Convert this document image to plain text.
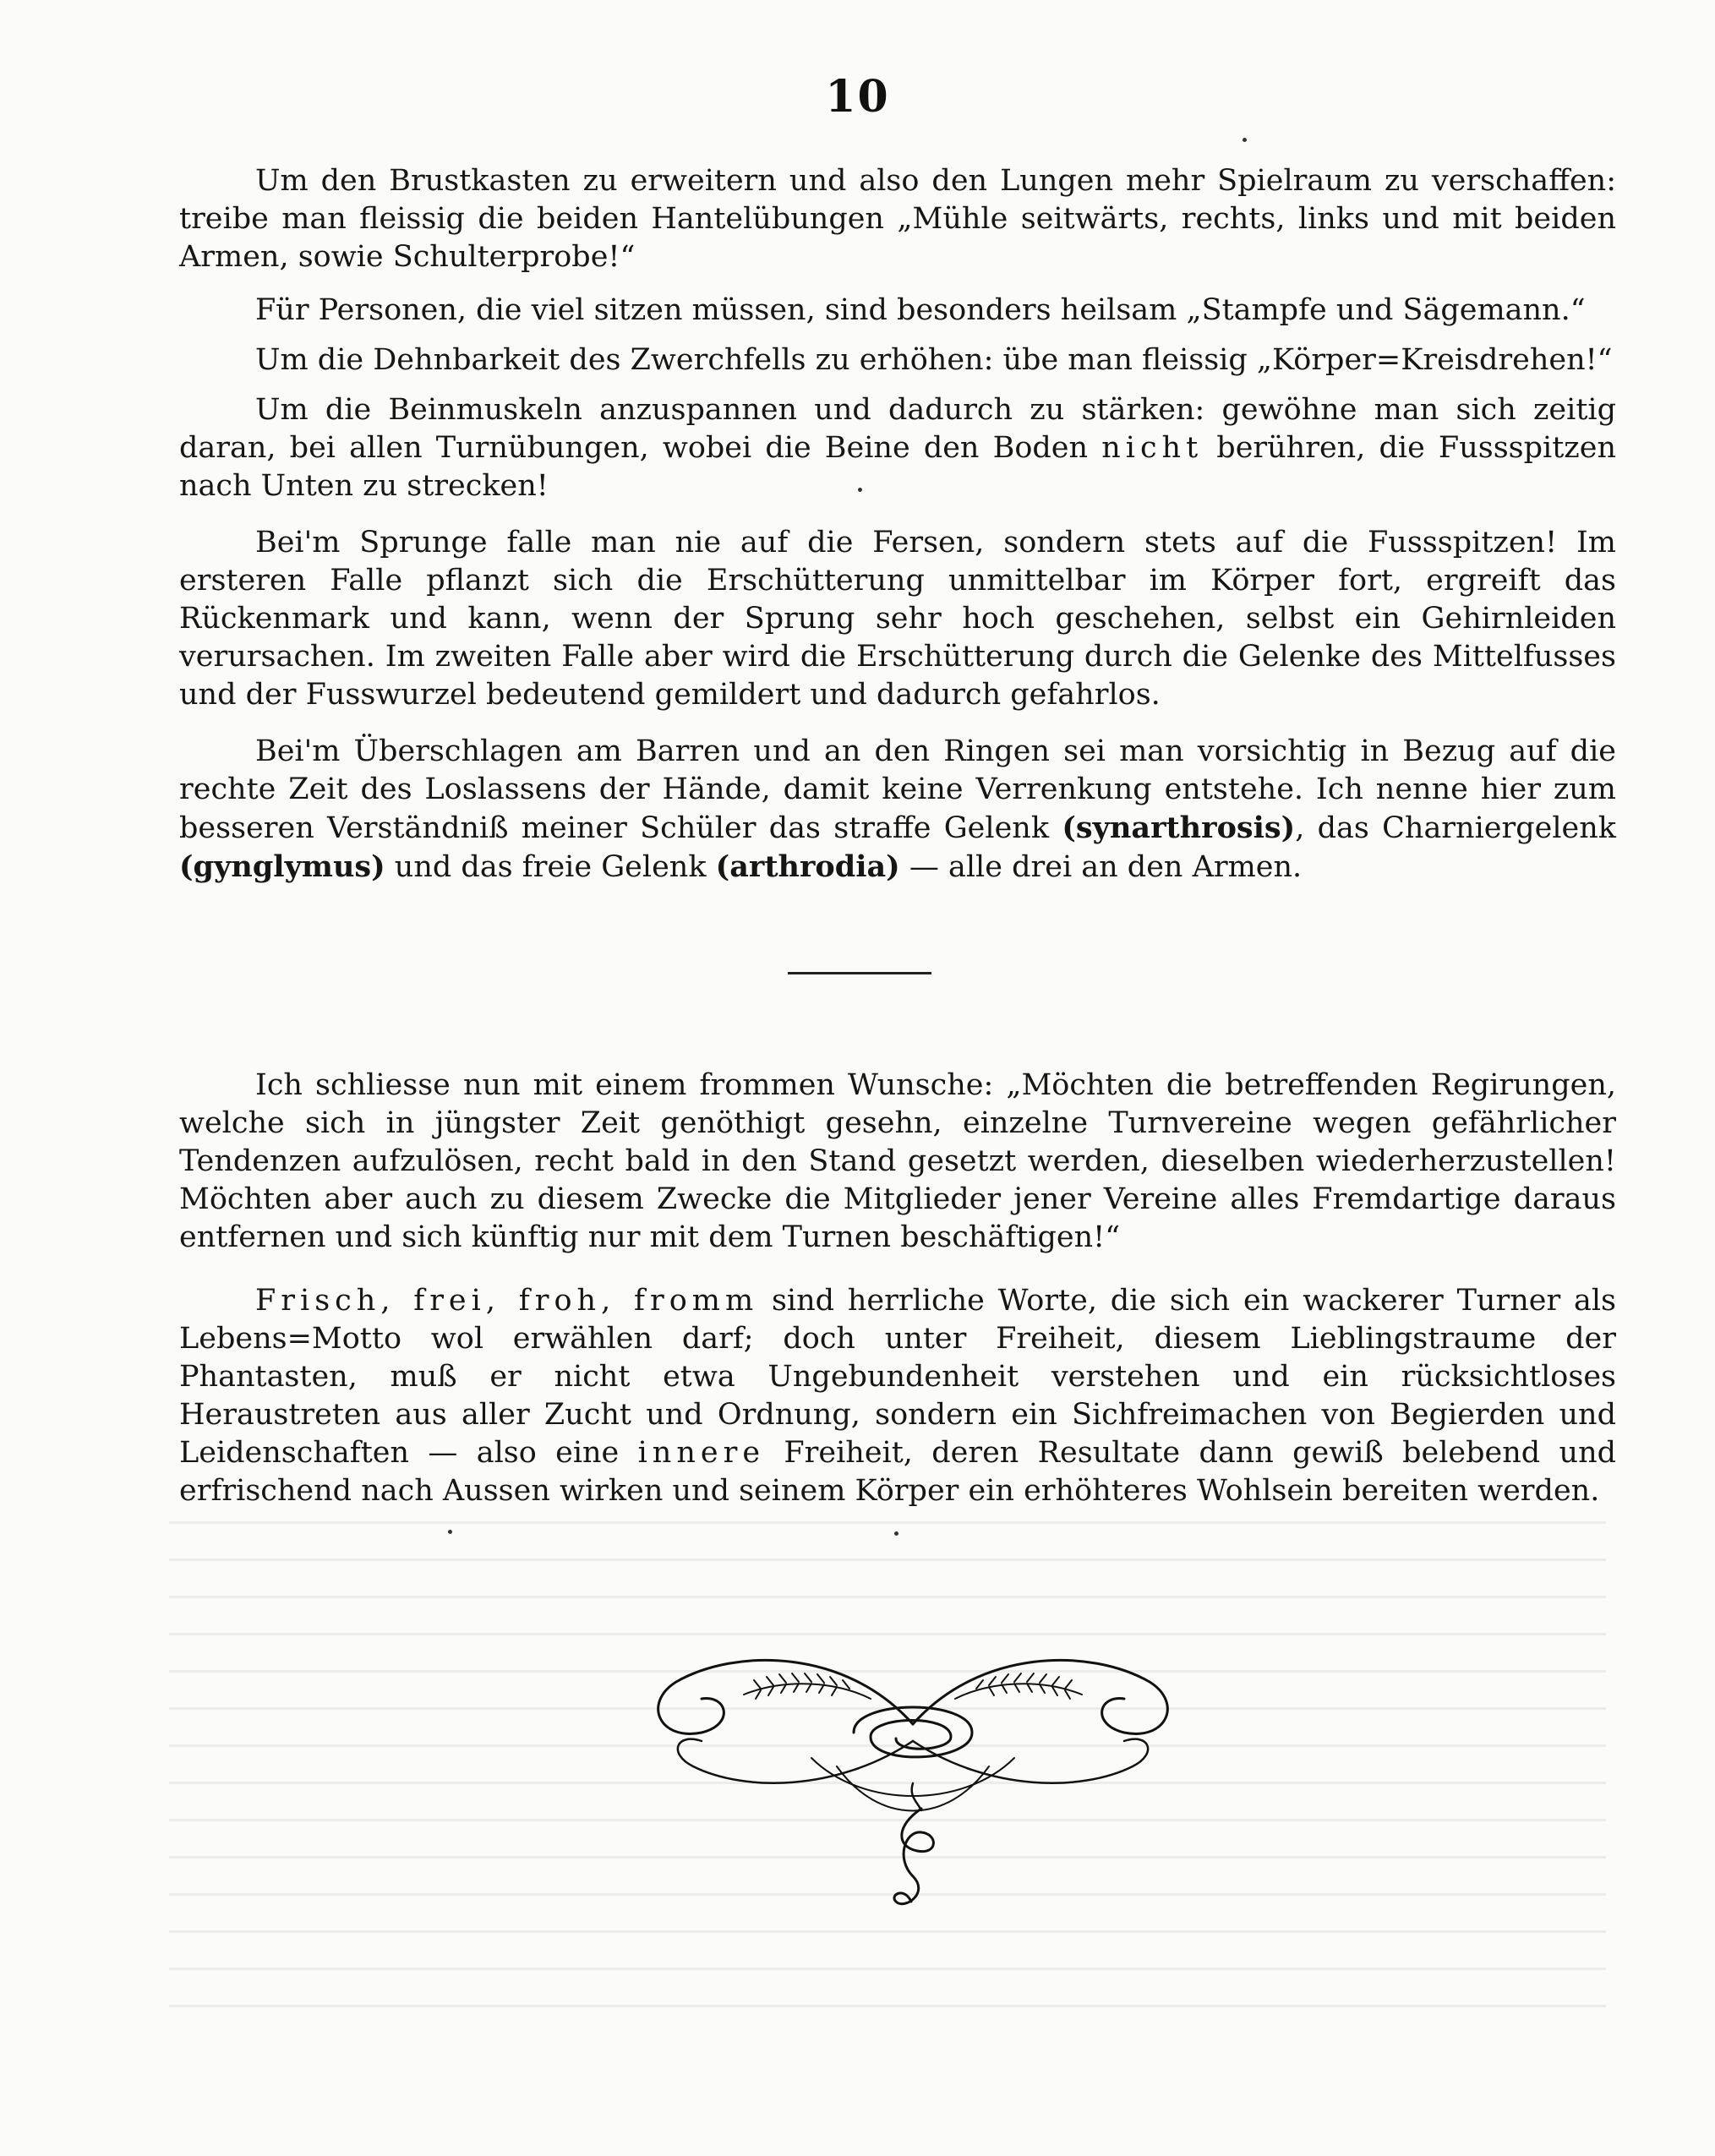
10

Um den Brustkasten zu erweitern und also den Lungen mehr Spielraum zu verschaffen: treibe man fleissig die beiden Hantelübungen „Mühle seitwärts, rechts, links und mit beiden Armen, sowie Schulterprobe!“

Für Personen, die viel sitzen müssen, sind besonders heilsam „Stampfe und Sägemann.“

Um die Dehnbarkeit des Zwerchfells zu erhöhen: übe man fleissig „Körper=Kreisdrehen!“

Um die Beinmuskeln anzuspannen und dadurch zu stärken: gewöhne man sich zeitig daran, bei allen Turnübungen, wobei die Beine den Boden nicht berühren, die Fussspitzen nach Unten zu strecken!

Bei'm Sprunge falle man nie auf die Fersen, sondern stets auf die Fussspitzen! Im ersteren Falle pflanzt sich die Erschütterung unmittelbar im Körper fort, ergreift das Rückenmark und kann, wenn der Sprung sehr hoch geschehen, selbst ein Gehirnleiden verursachen. Im zweiten Falle aber wird die Erschütterung durch die Gelenke des Mittelfusses und der Fusswurzel bedeutend gemildert und dadurch gefahrlos.

Bei'm Überschlagen am Barren und an den Ringen sei man vorsichtig in Bezug auf die rechte Zeit des Loslassens der Hände, damit keine Verrenkung entstehe. Ich nenne hier zum besseren Verständniß meiner Schüler das straffe Gelenk (synarthrosis), das Charniergelenk (gynglymus) und das freie Gelenk (arthrodia) — alle drei an den Armen.

Ich schliesse nun mit einem frommen Wunsche: „Möchten die betreffenden Regirungen, welche sich in jüngster Zeit genöthigt gesehn, einzelne Turnvereine wegen gefährlicher Tendenzen aufzulösen, recht bald in den Stand gesetzt werden, dieselben wiederherzustellen! Möchten aber auch zu diesem Zwecke die Mitglieder jener Vereine alles Fremdartige daraus entfernen und sich künftig nur mit dem Turnen beschäftigen!“

Frisch, frei, froh, fromm sind herrliche Worte, die sich ein wackerer Turner als Lebens=Motto wol erwählen darf; doch unter Freiheit, diesem Lieblingstraume der Phantasten, muß er nicht etwa Ungebundenheit verstehen und ein rücksichtloses Heraustreten aus aller Zucht und Ordnung, sondern ein Sichfreimachen von Begierden und Leidenschaften — also eine innere Freiheit, deren Resultate dann gewiß belebend und erfrischend nach Aussen wirken und seinem Körper ein erhöhteres Wohlsein bereiten werden.
